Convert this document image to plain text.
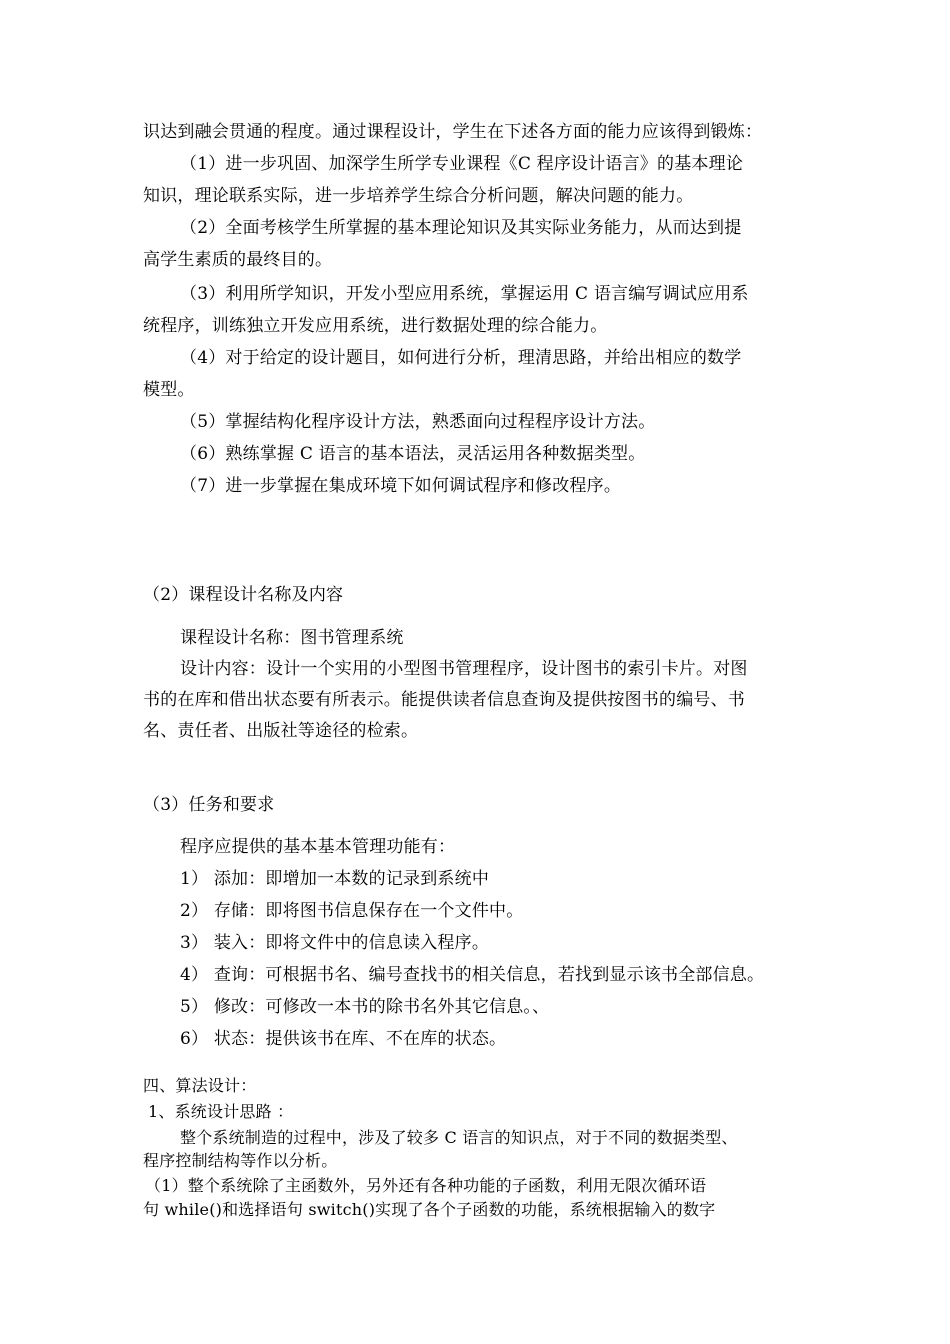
识达到融会贯通的程度。通过课程设计，学生在下述各方面的能力应该得到锻炼：
（1）进一步巩固、加深学生所学专业课程《C 程序设计语言》的基本理论
知识，理论联系实际，进一步培养学生综合分析问题，解决问题的能力。
（2）全面考核学生所掌握的基本理论知识及其实际业务能力，从而达到提
高学生素质的最终目的。
（3）利用所学知识，开发小型应用系统，掌握运用 C 语言编写调试应用系
统程序，训练独立开发应用系统，进行数据处理的综合能力。
（4）对于给定的设计题目，如何进行分析，理清思路，并给出相应的数学
模型。
（5）掌握结构化程序设计方法，熟悉面向过程程序设计方法。
（6）熟练掌握 C 语言的基本语法，灵活运用各种数据类型。
（7）进一步掌握在集成环境下如何调试程序和修改程序。
（2）课程设计名称及内容
课程设计名称：图书管理系统
设计内容：设计一个实用的小型图书管理程序，设计图书的索引卡片。对图
书的在库和借出状态要有所表示。能提供读者信息查询及提供按图书的编号、书
名、责任者、出版社等途径的检索。
（3）任务和要求
程序应提供的基本基本管理功能有：
1） 添加：即增加一本数的记录到系统中
2） 存储：即将图书信息保存在一个文件中。
3） 装入：即将文件中的信息读入程序。
4） 查询：可根据书名、编号查找书的相关信息，若找到显示该书全部信息。
5） 修改：可修改一本书的除书名外其它信息。、
6） 状态：提供该书在库、不在库的状态。
四、算法设计：
1、系统设计思路 ：
整个系统制造的过程中，涉及了较多 C 语言的知识点，对于不同的数据类型、
程序控制结构等作以分析。
（1）整个系统除了主函数外，另外还有各种功能的子函数，利用无限次循环语
句 while()和选择语句 switch()实现了各个子函数的功能，系统根据输入的数字
